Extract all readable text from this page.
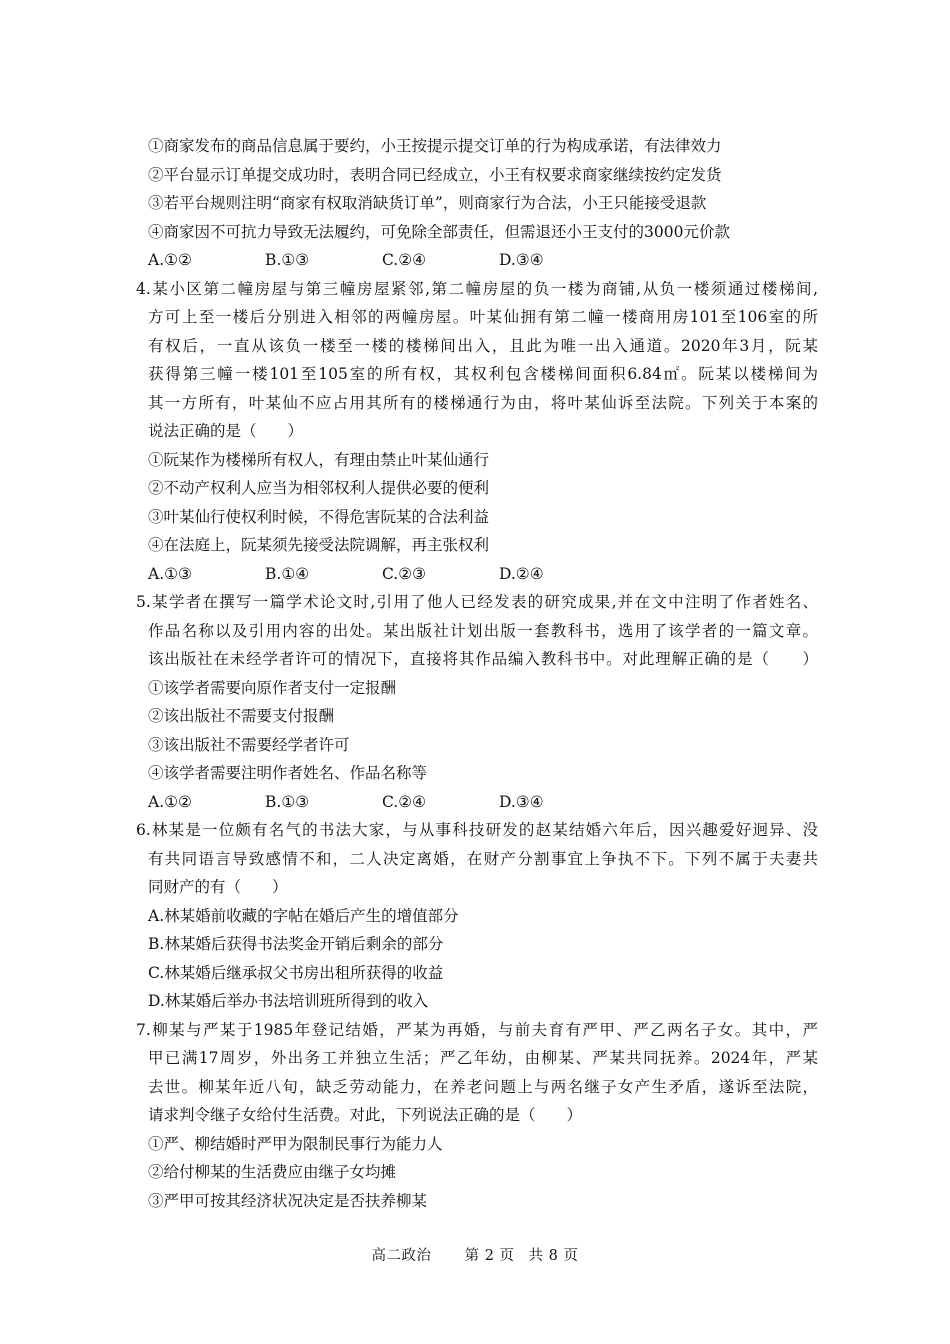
①商家发布的商品信息属于要约，小王按提示提交订单的行为构成承诺，有法律效力
②平台显示订单提交成功时，表明合同已经成立，小王有权要求商家继续按约定发货
③若平台规则注明“商家有权取消缺货订单”，则商家行为合法，小王只能接受退款
④商家因不可抗力导致无法履约，可免除全部责任，但需退还小王支付的3000元价款
A.①②	B.①③	C.②④	D.③④
4.某小区第二幢房屋与第三幢房屋紧邻,第二幢房屋的负一楼为商铺,从负一楼须通过楼梯间,
方可上至一楼后分别进入相邻的两幢房屋。叶某仙拥有第二幢一楼商用房101至106室的所
有权后，一直从该负一楼至一楼的楼梯间出入，且此为唯一出入通道。2020年3月，阮某
获得第三幢一楼101至105室的所有权，其权利包含楼梯间面积6.84㎡。阮某以楼梯间为
其一方所有，叶某仙不应占用其所有的楼梯通行为由，将叶某仙诉至法院。下列关于本案的
说法正确的是（　　）
①阮某作为楼梯所有权人，有理由禁止叶某仙通行
②不动产权利人应当为相邻权利人提供必要的便利
③叶某仙行使权利时候，不得危害阮某的合法利益
④在法庭上，阮某须先接受法院调解，再主张权利
A.①③	B.①④	C.②③	D.②④
5.某学者在撰写一篇学术论文时,引用了他人已经发表的研究成果,并在文中注明了作者姓名、
作品名称以及引用内容的出处。某出版社计划出版一套教科书，选用了该学者的一篇文章。
该出版社在未经学者许可的情况下，直接将其作品编入教科书中。对此理解正确的是（　　）
①该学者需要向原作者支付一定报酬
②该出版社不需要支付报酬
③该出版社不需要经学者许可
④该学者需要注明作者姓名、作品名称等
A.①②	B.①③	C.②④	D.③④
6.林某是一位颇有名气的书法大家，与从事科技研发的赵某结婚六年后，因兴趣爱好迥异、没
有共同语言导致感情不和，二人决定离婚，在财产分割事宜上争执不下。下列不属于夫妻共
同财产的有（　　）
A.林某婚前收藏的字帖在婚后产生的增值部分
B.林某婚后获得书法奖金开销后剩余的部分
C.林某婚后继承叔父书房出租所获得的收益
D.林某婚后举办书法培训班所得到的收入
7.柳某与严某于1985年登记结婚，严某为再婚，与前夫育有严甲、严乙两名子女。其中，严
甲已满17周岁，外出务工并独立生活；严乙年幼，由柳某、严某共同抚养。2024年，严某
去世。柳某年近八旬，缺乏劳动能力，在养老问题上与两名继子女产生矛盾，遂诉至法院，
请求判令继子女给付生活费。对此，下列说法正确的是（　　）
①严、柳结婚时严甲为限制民事行为能力人
②给付柳某的生活费应由继子女均摊
③严甲可按其经济状况决定是否扶养柳某
高二政治 第 2 页 共 8 页
